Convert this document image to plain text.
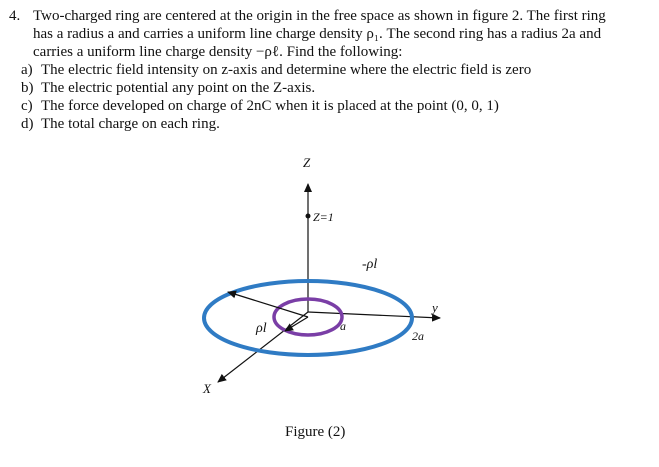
4. Two-charged ring are centered at the origin in the free space as shown in figure 2. The first ring
has a radius a and carries a uniform line charge density ρ₁. The second ring has a radius 2a and
carries a uniform line charge density −ρℓ. Find the following:
a) The electric field intensity on z-axis and determine where the electric field is zero
b) The electric potential any point on the Z-axis.
c) The force developed on charge of 2nC when it is placed at the point (0, 0, 1)
d) The total charge on each ring.
Z
Z=1
-ρl
ρl	a
2a
y
X
Figure (2)
